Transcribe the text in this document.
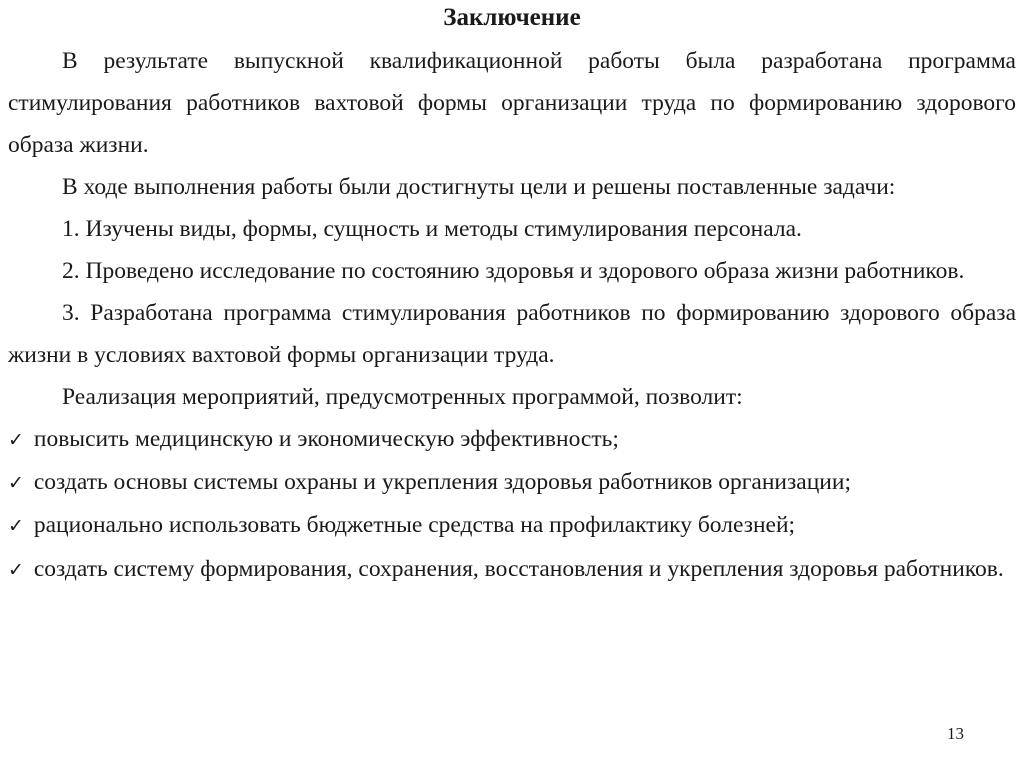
Заключение

В результате выпускной квалификационной работы была разработана программа стимулирования работников вахтовой формы организации труда по формированию здорового образа жизни.

В ходе выполнения работы были достигнуты цели и решены поставленные задачи:

1. Изучены виды, формы, сущность и методы стимулирования персонала.

2. Проведено исследование по состоянию здоровья и здорового образа жизни работников.

3. Разработана программа стимулирования работников по формированию здорового образа жизни в условиях вахтовой формы организации труда.

Реализация мероприятий, предусмотренных программой, позволит:

✓ повысить медицинскую и экономическую эффективность;

✓ создать основы системы охраны и укрепления здоровья работников организации;

✓ рационально использовать бюджетные средства на профилактику болезней;

✓ создать систему формирования, сохранения, восстановления и укрепления здоровья работников.

13
